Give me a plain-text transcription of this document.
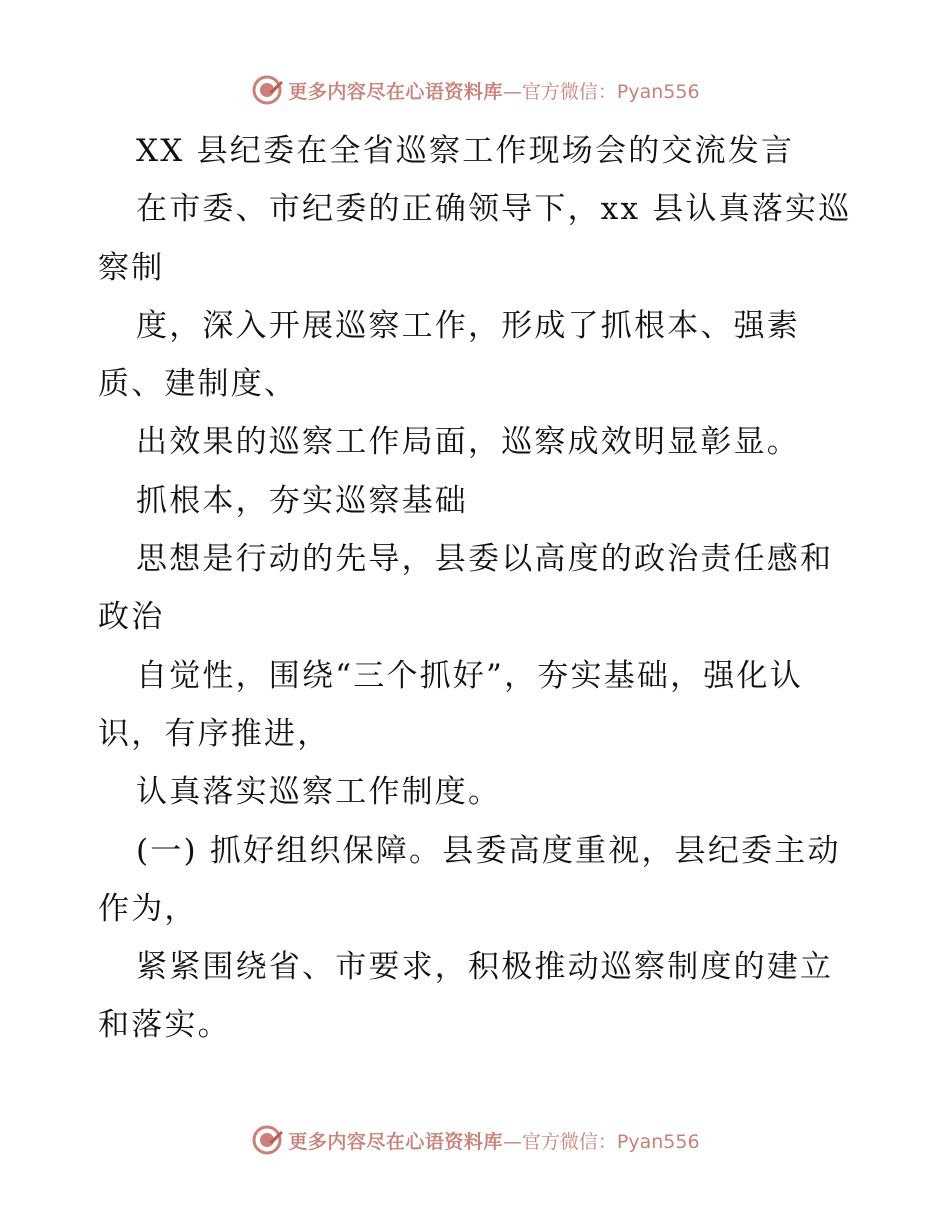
更多内容尽在心语资料库 —官方微信：Pyan556

XX 县纪委在全省巡察工作现场会的交流发言

在市委、市纪委的正确领导下，xx 县认真落实巡察制

度，深入开展巡察工作，形成了抓根本、强素质、建制度、

出效果的巡察工作局面，巡察成效明显彰显。

抓根本，夯实巡察基础

思想是行动的先导，县委以高度的政治责任感和政治

自觉性，围绕“三个抓好”，夯实基础，强化认识，有序推进，

认真落实巡察工作制度。

(一) 抓好组织保障。县委高度重视，县纪委主动作为，

紧紧围绕省、市要求，积极推动巡察制度的建立和落实。

更多内容尽在心语资料库 —官方微信：Pyan556
